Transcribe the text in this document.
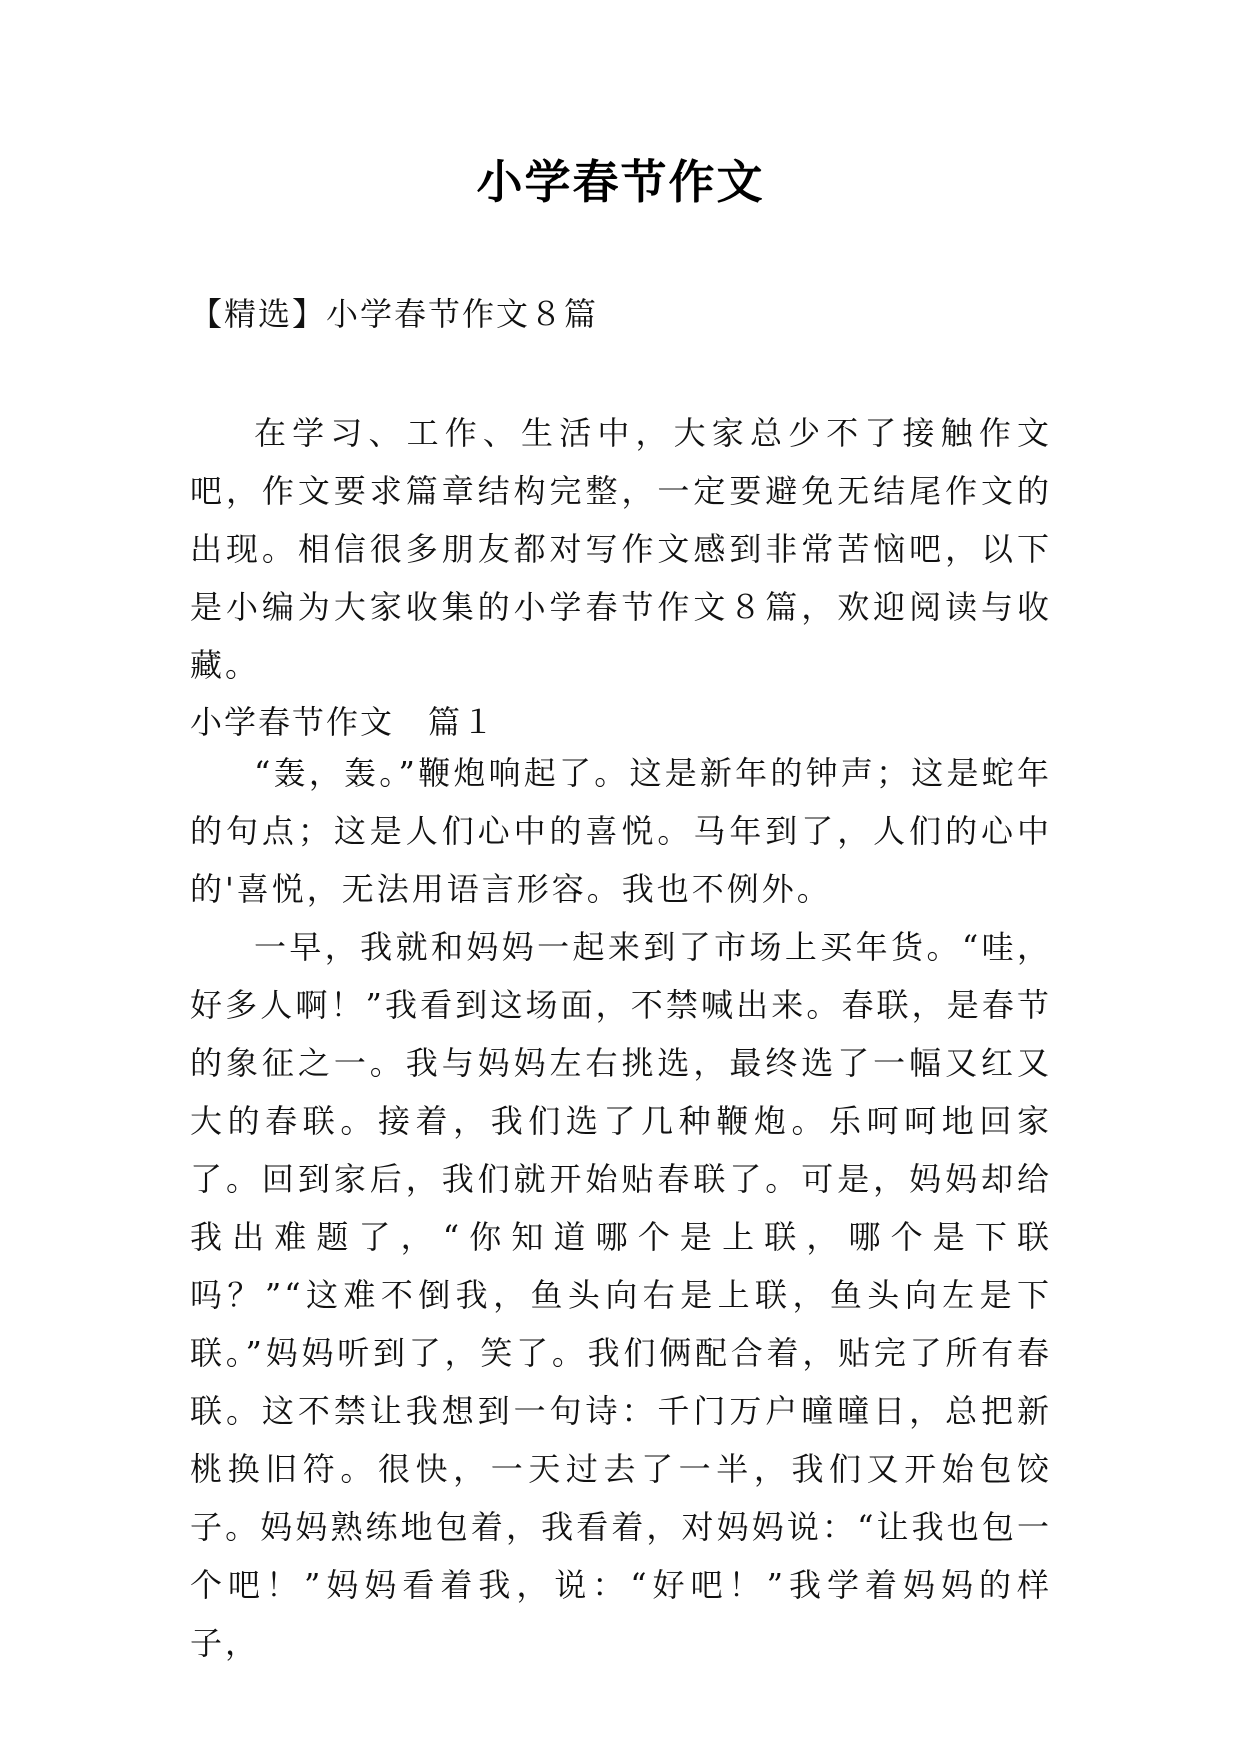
小学春节作文
【精选】小学春节作文８篇

在学习、工作、生活中，大家总少不了接触作文吧，作文要求篇章结构完整，一定要避免无结尾作文的出现。相信很多朋友都对写作文感到非常苦恼吧，以下是小编为大家收集的小学春节作文８篇，欢迎阅读与收藏。

小学春节作文　篇１

“轰，轰。”鞭炮响起了。这是新年的钟声；这是蛇年的句点；这是人们心中的喜悦。马年到了，人们的心中的'喜悦，无法用语言形容。我也不例外。

一早，我就和妈妈一起来到了市场上买年货。“哇，好多人啊！”我看到这场面，不禁喊出来。春联，是春节的象征之一。我与妈妈左右挑选，最终选了一幅又红又大的春联。接着，我们选了几种鞭炮。乐呵呵地回家了。回到家后，我们就开始贴春联了。可是，妈妈却给我出难题了，“你知道哪个是上联，哪个是下联吗？”“这难不倒我，鱼头向右是上联，鱼头向左是下联。”妈妈听到了，笑了。我们俩配合着，贴完了所有春联。这不禁让我想到一句诗：千门万户曈曈日，总把新桃换旧符。很快，一天过去了一半，我们又开始包饺子。妈妈熟练地包着，我看着，对妈妈说：“让我也包一个吧！”妈妈看着我，说：“好吧！”我学着妈妈的样子，
